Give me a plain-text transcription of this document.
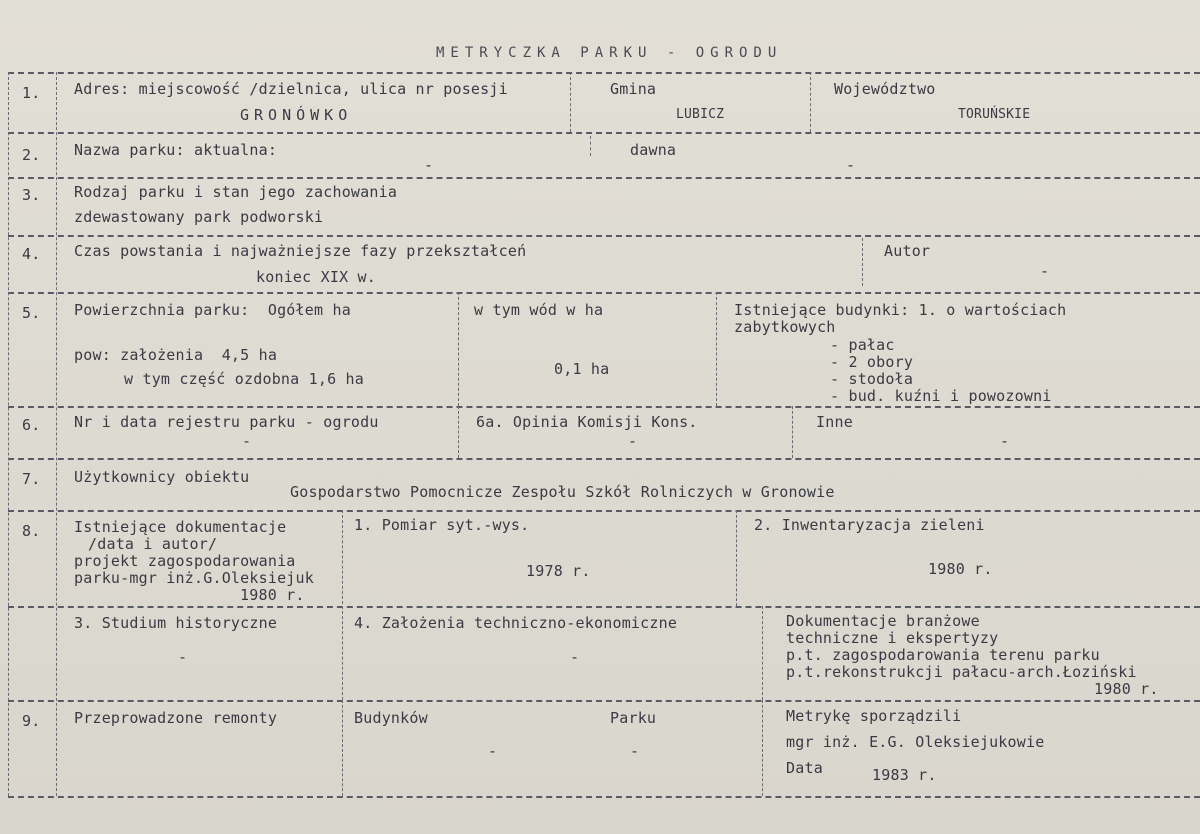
METRYCZKA PARKU - OGRODU
1. Adres: miejscowość /dzielnica, ulica nr posesji
GRONÓWKO
Gmina
LUBICZ
Województwo
TORUŃSKIE
2. Nazwa parku: aktualna:
-
dawna
-
3. Rodzaj parku i stan jego zachowania
zdewastowany park podworski
4. Czas powstania i najważniejsze fazy przekształceń
koniec XIX w.
Autor
-
5. Powierzchnia parku:  Ogółem ha
pow: założenia  4,5 ha
w tym część ozdobna 1,6 ha
w tym wód w ha
0,1 ha
Istniejące budynki: 1. o wartościach
zabytkowych
- pałac
- 2 obory
- stodoła
- bud. kuźni i powozowni
6. Nr i data rejestru parku - ogrodu
-
6a. Opinia Komisji Kons.
-
Inne
-
7. Użytkownicy obiektu
Gospodarstwo Pomocnicze Zespołu Szkół Rolniczych w Gronowie
8. Istniejące dokumentacje
/data i autor/
projekt zagospodarowania
parku-mgr inż.G.Oleksiejuk
1980 r.
1. Pomiar syt.-wys.
1978 r.
2. Inwentaryzacja zieleni
1980 r.
3. Studium historyczne
-
4. Założenia techniczno-ekonomiczne
-
Dokumentacje branżowe
techniczne i ekspertyzy
p.t. zagospodarowania terenu parku
p.t.rekonstrukcji pałacu-arch.Łoziński
1980 r.
9. Przeprowadzone remonty	Budynków
-
Parku
-
Metrykę sporządzili
mgr inż. E.G. Oleksiejukowie
Data	1983 r.
